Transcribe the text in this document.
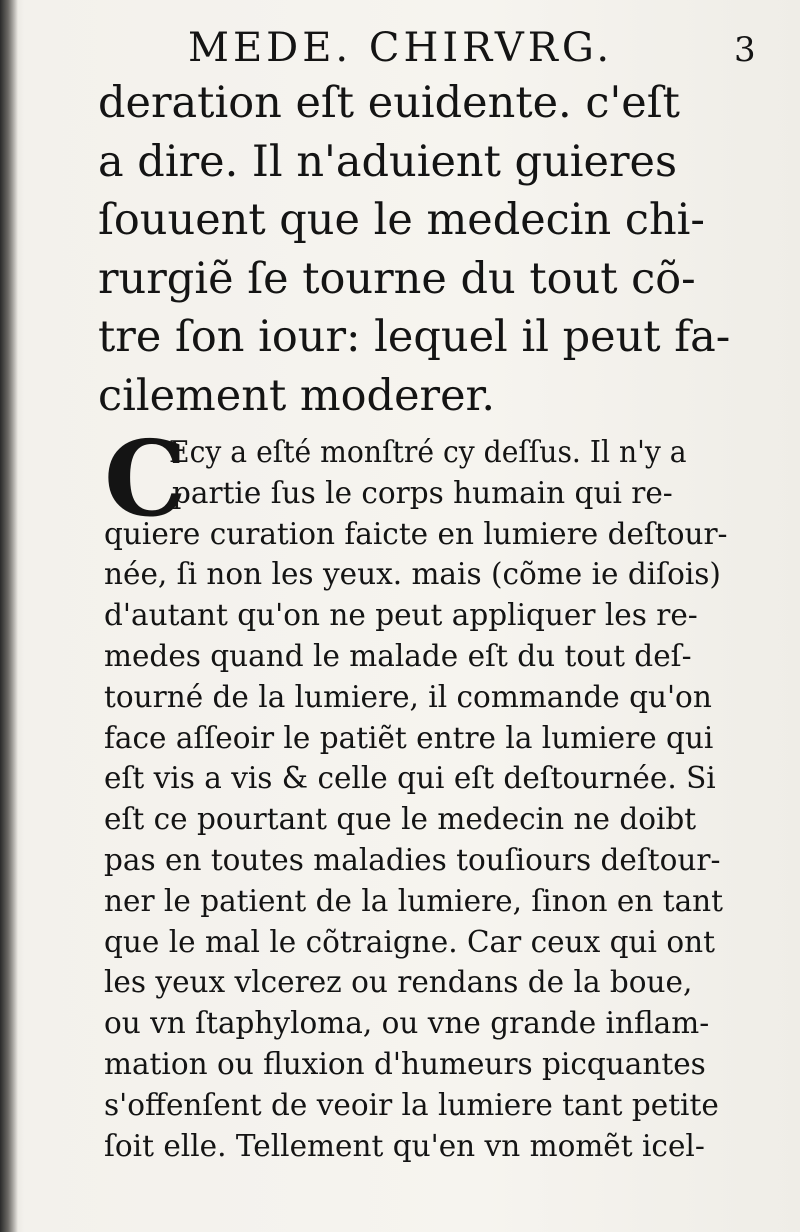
MEDE. CHIRVRG.	3
deration eſt euidente. c'eſt
a dire. Il n'aduient guieres
ſouuent que le medecin chi-
rurgiẽ ſe tourne du tout cõ-
tre ſon iour: lequel il peut fa-
cilement moderer.
C
Ecy a eſté monſtré cy deſſus. Il n'y a
partie ſus le corps humain qui re-
quiere curation faicte en lumiere deſtour-
née, ſi non les yeux. mais (cõme ie diſois)
d'autant qu'on ne peut appliquer les re-
medes quand le malade eſt du tout deſ-
tourné de la lumiere, il commande qu'on
face aſſeoir le patiẽt entre la lumiere qui
eſt vis a vis & celle qui eſt deſtournée. Si
eſt ce pourtant que le medecin ne doibt
pas en toutes maladies touſiours deſtour-
ner le patient de la lumiere, ſinon en tant
que le mal le cõtraigne. Car ceux qui ont
les yeux vlcerez ou rendans de la boue,
ou vn ſtaphyloma, ou vne grande inflam-
mation ou fluxion d'humeurs picquantes
s'offenſent de veoir la lumiere tant petite
ſoit elle. Tellement qu'en vn momẽt icel-
